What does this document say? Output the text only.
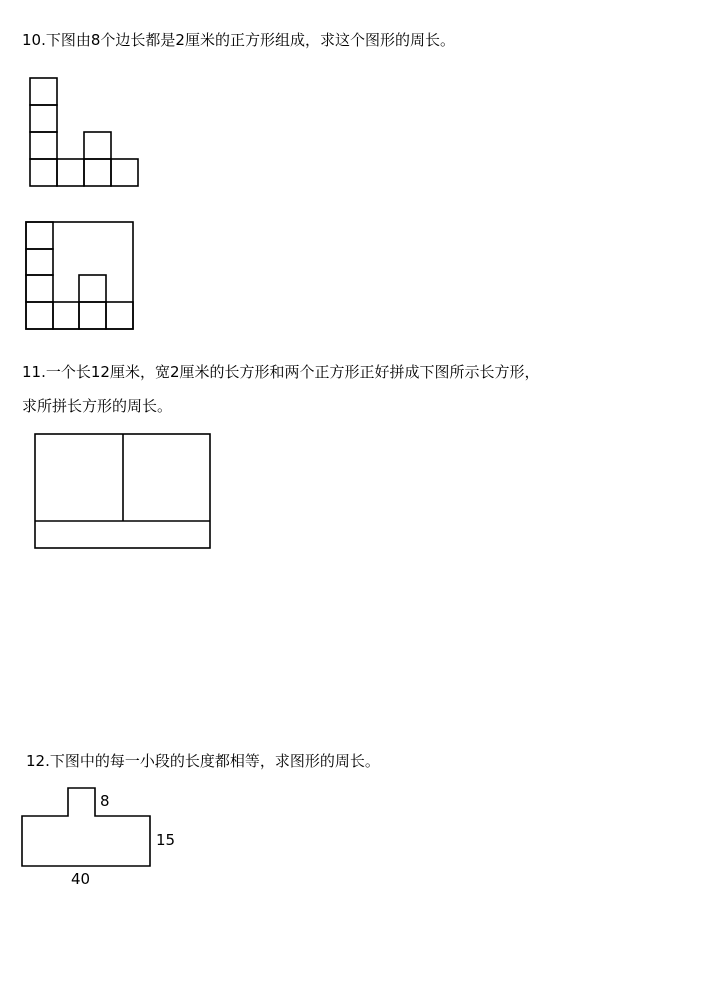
10.下图由8个边长都是2厘米的正方形组成，求这个图形的周长。

11.一个长12厘米，宽2厘米的长方形和两个正方形正好拼成下图所示长方形，

求所拼长方形的周长。

12.下图中的每一小段的长度都相等，求图形的周长。

8
15
40
